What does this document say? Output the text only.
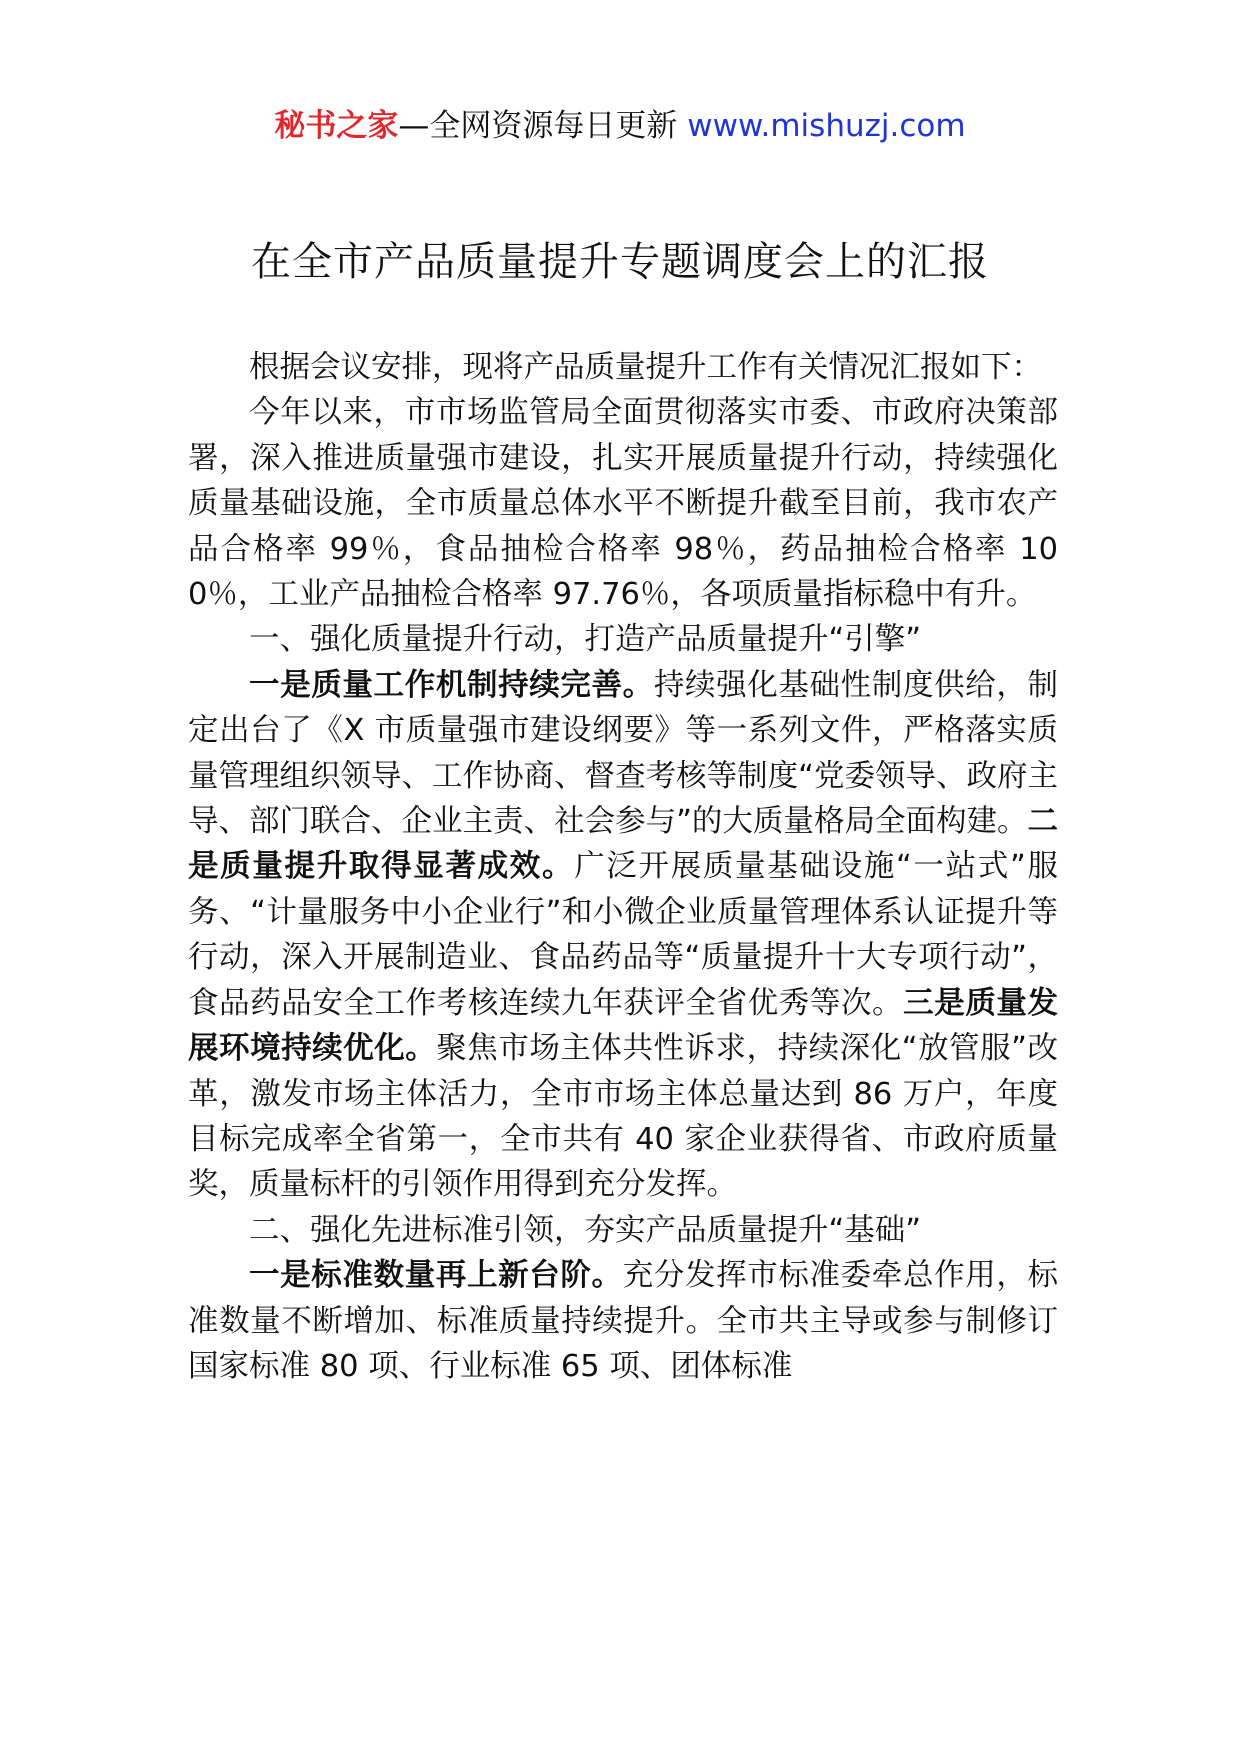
秘书之家—全网资源每日更新 www.mishuzj.com
在全市产品质量提升专题调度会上的汇报

根据会议安排，现将产品质量提升工作有关情况汇报如下：

今年以来，市市场监管局全面贯彻落实市委、市政府决策部署，深入推进质量强市建设，扎实开展质量提升行动，持续强化质量基础设施，全市质量总体水平不断提升截至目前，我市农产品合格率 99％，食品抽检合格率 98％，药品抽检合格率 100％，工业产品抽检合格率 97.76％，各项质量指标稳中有升。

一、强化质量提升行动，打造产品质量提升“引擎”

一是质量工作机制持续完善。持续强化基础性制度供给，制定出台了《X 市质量强市建设纲要》等一系列文件，严格落实质量管理组织领导、工作协商、督查考核等制度“党委领导、政府主导、部门联合、企业主责、社会参与”的大质量格局全面构建。二是质量提升取得显著成效。广泛开展质量基础设施“一站式”服务、“计量服务中小企业行”和小微企业质量管理体系认证提升等行动，深入开展制造业、食品药品等“质量提升十大专项行动”，食品药品安全工作考核连续九年获评全省优秀等次。三是质量发展环境持续优化。聚焦市场主体共性诉求，持续深化“放管服”改革，激发市场主体活力，全市市场主体总量达到 86 万户，年度目标完成率全省第一，全市共有 40 家企业获得省、市政府质量奖，质量标杆的引领作用得到充分发挥。

二、强化先进标准引领，夯实产品质量提升“基础”

一是标准数量再上新台阶。充分发挥市标准委牵总作用，标准数量不断增加、标准质量持续提升。全市共主导或参与制修订国家标准 80 项、行业标准 65 项、团体标准
